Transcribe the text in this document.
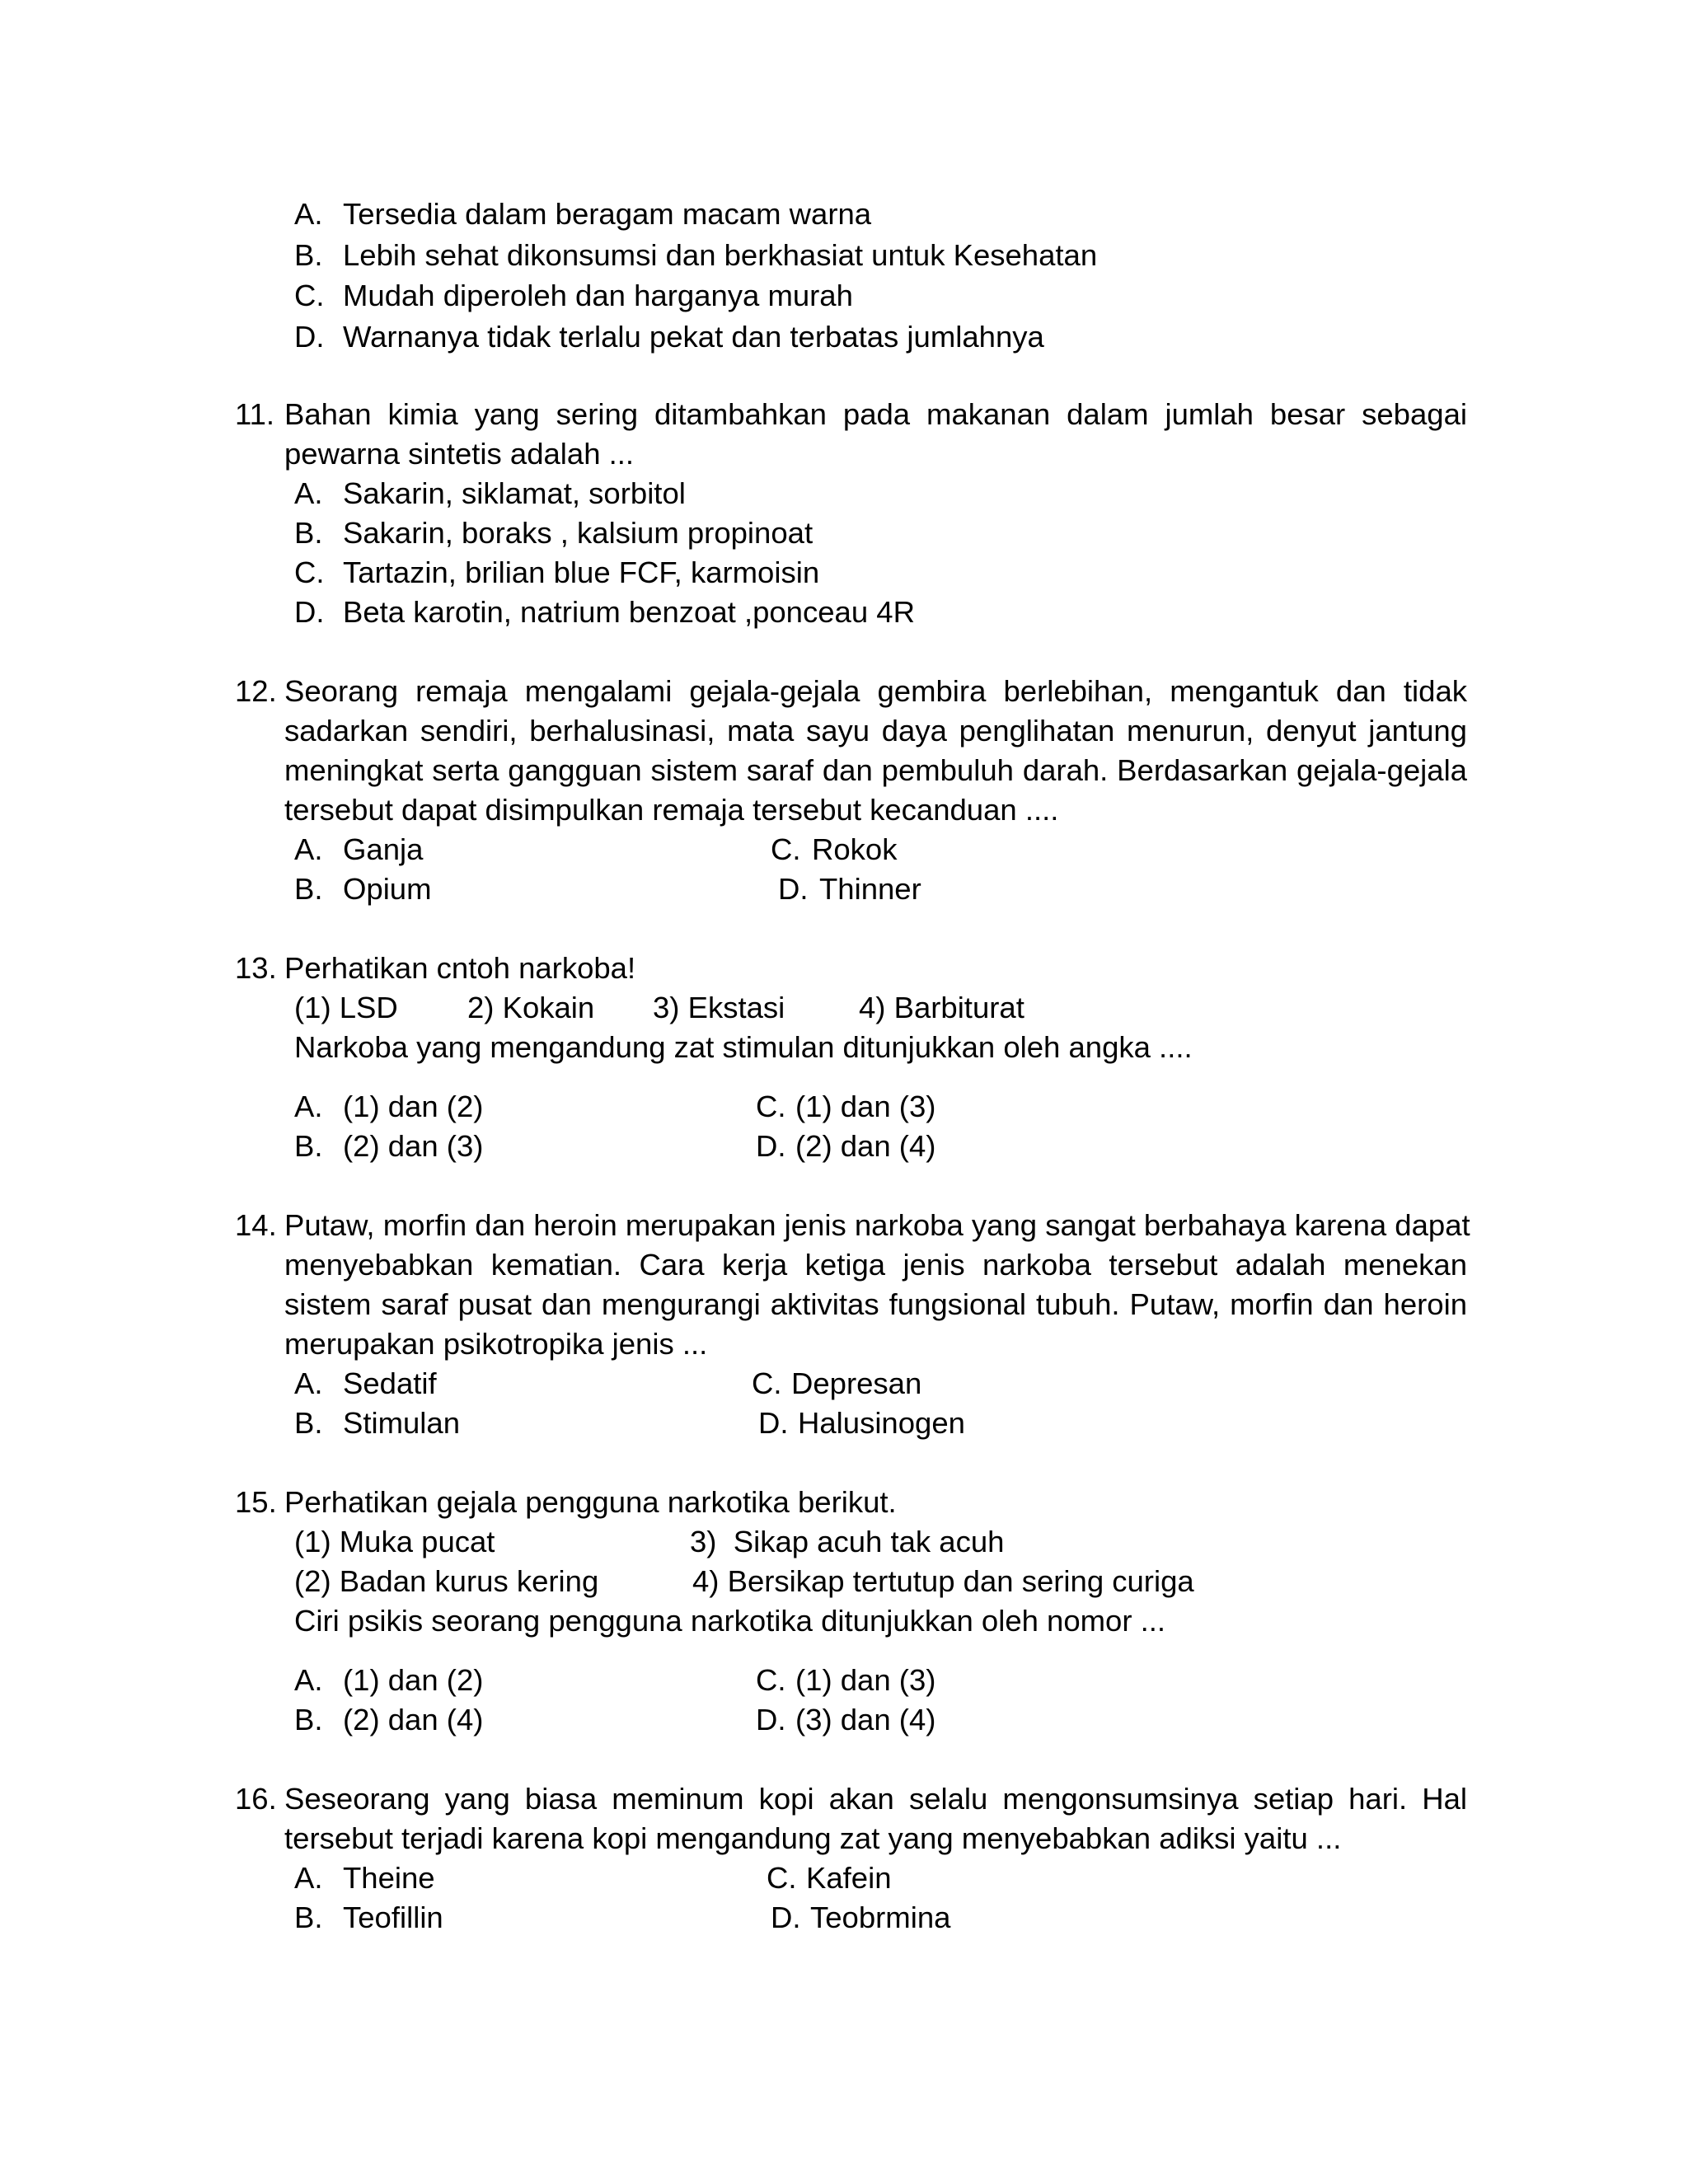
A. Tersedia dalam beragam macam warna
B. Lebih sehat dikonsumsi dan berkhasiat untuk Kesehatan
C. Mudah diperoleh dan harganya murah
D. Warnanya tidak terlalu pekat dan terbatas jumlahnya
11. Bahan kimia yang sering ditambahkan pada makanan dalam jumlah besar sebagai
pewarna sintetis adalah ...
A. Sakarin, siklamat, sorbitol
B. Sakarin, boraks , kalsium propinoat
C. Tartazin, brilian blue FCF, karmoisin
D. Beta karotin, natrium benzoat ,ponceau 4R
12. Seorang remaja mengalami gejala-gejala gembira berlebihan, mengantuk dan tidak
sadarkan sendiri, berhalusinasi, mata sayu daya penglihatan menurun, denyut jantung
meningkat serta gangguan sistem saraf dan pembuluh darah. Berdasarkan gejala-gejala
tersebut dapat disimpulkan remaja tersebut kecanduan ....
A. Ganja
B. Opium
C. Rokok
D. Thinner
13. Perhatikan cntoh narkoba!
(1) LSD 2) Kokain 3) Ekstasi 4) Barbiturat
Narkoba yang mengandung zat stimulan ditunjukkan oleh angka ....
A. (1) dan (2)
B. (2) dan (3)
C. (1) dan (3)
D. (2) dan (4)
14. Putaw, morfin dan heroin merupakan jenis narkoba yang sangat berbahaya karena dapat
menyebabkan kematian. Cara kerja ketiga jenis narkoba tersebut adalah menekan
sistem saraf pusat dan mengurangi aktivitas fungsional tubuh. Putaw, morfin dan heroin
merupakan psikotropika jenis ...
A. Sedatif
B. Stimulan
C. Depresan
D. Halusinogen
15. Perhatikan gejala pengguna narkotika berikut.
(1) Muka pucat	3)  Sikap acuh tak acuh
(2) Badan kurus kering	4) Bersikap tertutup dan sering curiga
Ciri psikis seorang pengguna narkotika ditunjukkan oleh nomor ...
A. (1) dan (2)
B. (2) dan (4)
C. (1) dan (3)
D. (3) dan (4)
16. Seseorang yang biasa meminum kopi akan selalu mengonsumsinya setiap hari. Hal
tersebut terjadi karena kopi mengandung zat yang menyebabkan adiksi yaitu ...
A. Theine
B. Teofillin
C. Kafein
D. Teobrmina
